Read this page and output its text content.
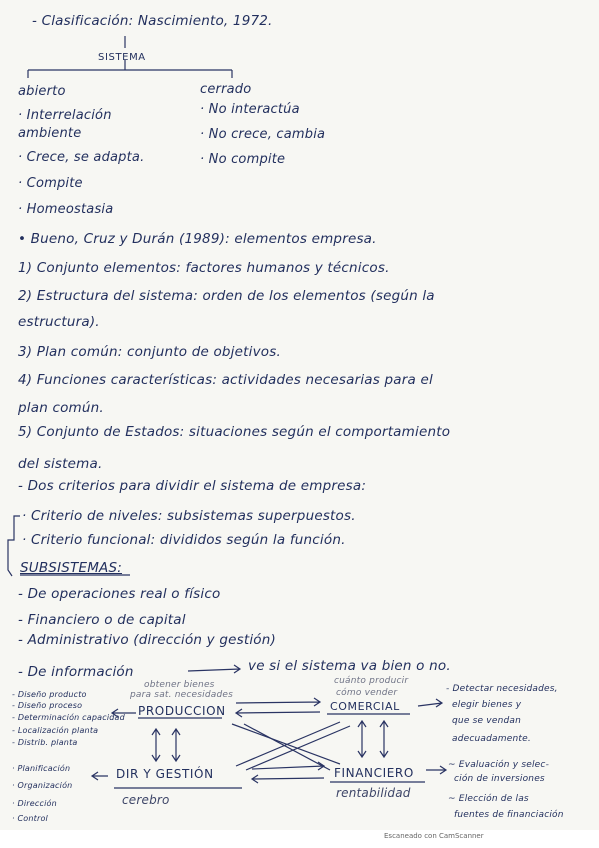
- Clasificación: Nascimiento, 1972.
SISTEMA
abierto
· Interrelación
ambiente
· Crece, se adapta.
· Compite
· Homeostasia
cerrado
· No interactúa
· No crece, cambia
· No compite
• Bueno, Cruz y Durán (1989): elementos empresa.
1) Conjunto elementos: factores humanos y técnicos.
2) Estructura del sistema: orden de los elementos (según la
estructura).
3) Plan común: conjunto de objetivos.
4) Funciones características: actividades necesarias para el
plan común.
5) Conjunto de Estados: situaciones según el comportamiento
del sistema.
- Dos criterios para dividir el sistema de empresa:
· Criterio de niveles: subsistemas superpuestos.
· Criterio funcional: divididos según la función.
SUBSISTEMAS:
- De operaciones real o físico
- Financiero o de capital
- Administrativo (dirección y gestión)
- De información	ve si el sistema va bien o no.
obtener bienes
para sat. necesidades
PRODUCCION
cuánto producir
cómo vender
COMERCIAL
- Diseño producto
- Diseño proceso
- Determinación capacidad
- Localización planta
- Distrib. planta
- Detectar necesidades,
elegir bienes y
que se vendan
adecuadamente.
DIR Y GESTIÓN
cerebro
· Planificación
· Organización
· Dirección
· Control
FINANCIERO
rentabilidad
~ Evaluación y selec-
ción de inversiones
~ Elección de las
fuentes de financiación
Escaneado con CamScanner
